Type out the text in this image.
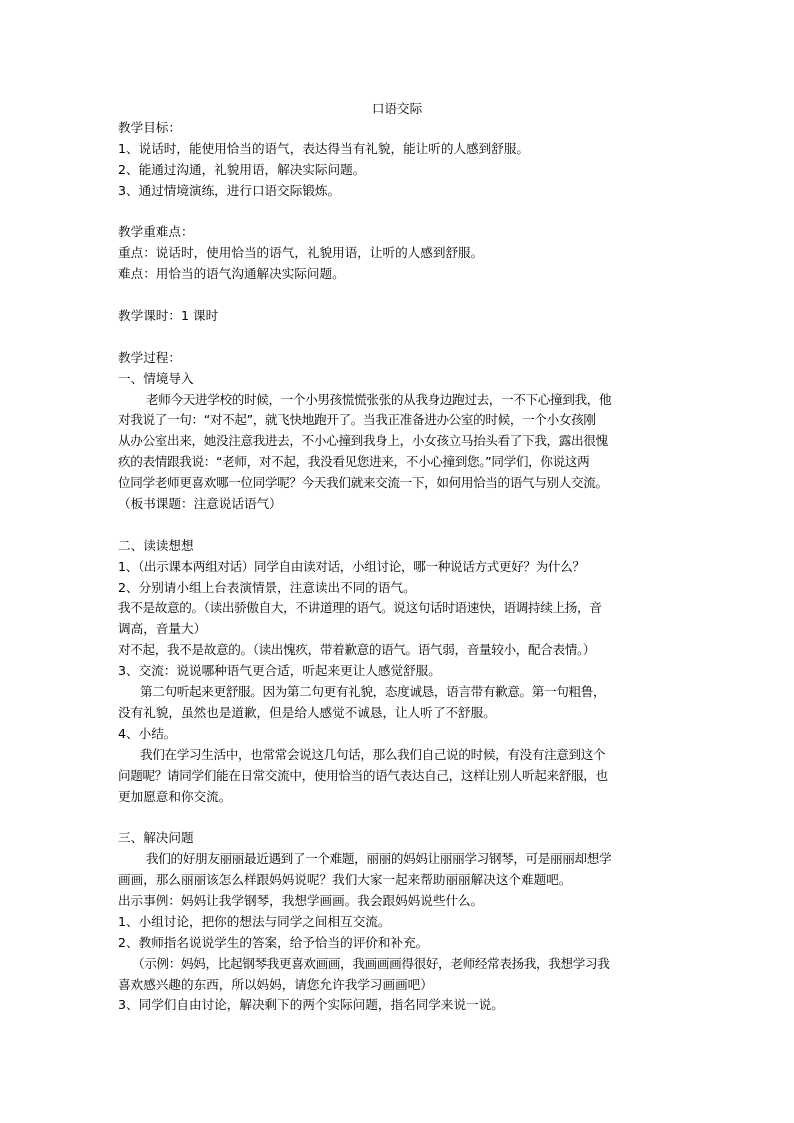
口语交际
教学目标：
1、说话时，能使用恰当的语气，表达得当有礼貌，能让听的人感到舒服。
2、能通过沟通，礼貌用语，解决实际问题。
3、通过情境演练，进行口语交际锻炼。
教学重难点：
重点：说话时，使用恰当的语气，礼貌用语，让听的人感到舒服。
难点：用恰当的语气沟通解决实际问题。
教学课时：1 课时
教学过程：
一、情境导入
老师今天进学校的时候，一个小男孩慌慌张张的从我身边跑过去，一不下心撞到我，他
对我说了一句：“对不起”，就飞快地跑开了。当我正准备进办公室的时候，一个小女孩刚
从办公室出来，她没注意我进去，不小心撞到我身上，小女孩立马抬头看了下我，露出很愧
疚的表情跟我说：“老师，对不起，我没看见您进来，不小心撞到您。”同学们，你说这两
位同学老师更喜欢哪一位同学呢？今天我们就来交流一下，如何用恰当的语气与别人交流。
（板书课题：注意说话语气）
二、读读想想
1、（出示课本两组对话）同学自由读对话，小组讨论，哪一种说话方式更好？为什么？
2、分别请小组上台表演情景，注意读出不同的语气。
我不是故意的。（读出骄傲自大，不讲道理的语气。说这句话时语速快，语调持续上扬，音
调高，音量大）
对不起，我不是故意的。（读出愧疚，带着歉意的语气。语气弱，音量较小，配合表情。）
3、交流：说说哪种语气更合适，听起来更让人感觉舒服。
第二句听起来更舒服。因为第二句更有礼貌，态度诚恳，语言带有歉意。第一句粗鲁，
没有礼貌，虽然也是道歉，但是给人感觉不诚恳，让人听了不舒服。
4、小结。
我们在学习生活中，也常常会说这几句话，那么我们自己说的时候，有没有注意到这个
问题呢？请同学们能在日常交流中，使用恰当的语气表达自己，这样让别人听起来舒服，也
更加愿意和你交流。
三、解决问题
我们的好朋友丽丽最近遇到了一个难题，丽丽的妈妈让丽丽学习钢琴，可是丽丽却想学
画画，那么丽丽该怎么样跟妈妈说呢？我们大家一起来帮助丽丽解决这个难题吧。
出示事例：妈妈让我学钢琴，我想学画画。我会跟妈妈说些什么。
1、小组讨论，把你的想法与同学之间相互交流。
2、教师指名说说学生的答案，给予恰当的评价和补充。
（示例：妈妈，比起钢琴我更喜欢画画，我画画画得很好，老师经常表扬我，我想学习我
喜欢感兴趣的东西，所以妈妈，请您允许我学习画画吧）
3、同学们自由讨论，解决剩下的两个实际问题，指名同学来说一说。
